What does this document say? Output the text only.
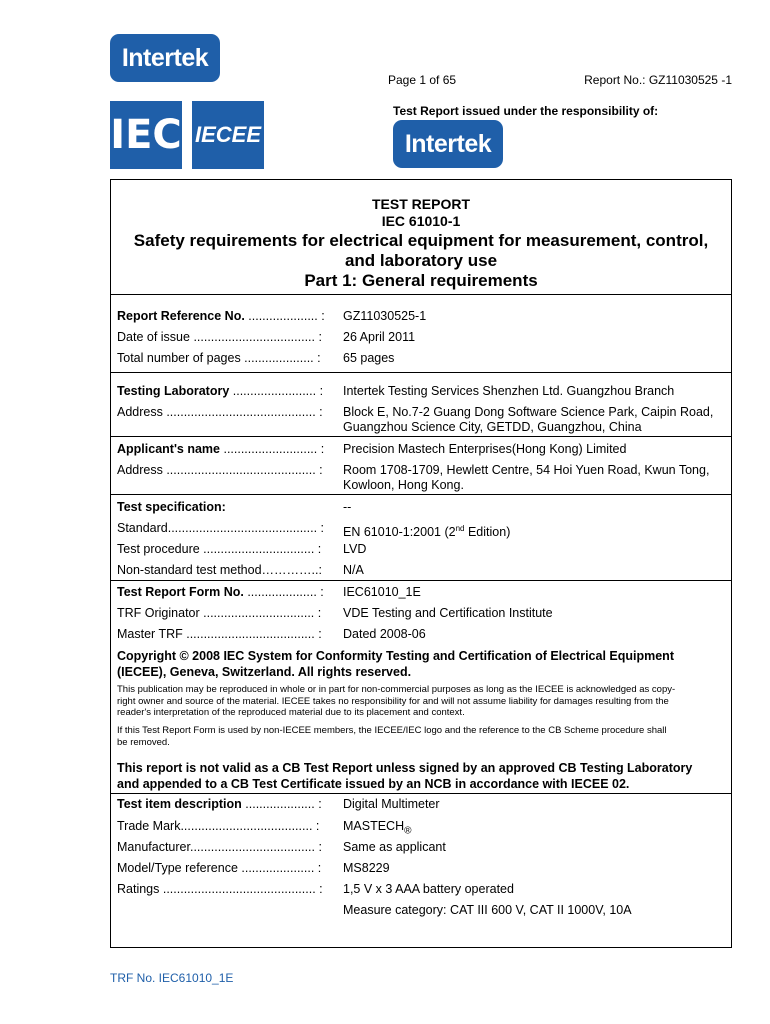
Intertek
IEC IECEE
Page 1 of 65	Report No.: GZ11030525 -1
Test Report issued under the responsibility of:
Intertek
TEST REPORT
IEC 61010-1
Safety requirements for electrical equipment for measurement, control,
and laboratory use
Part 1: General requirements
Report Reference No. .................... :	GZ11030525-1
Date of issue ................................... :	26 April 2011
Total number of pages .................... :	65 pages
Testing Laboratory ........................ :	Intertek Testing Services Shenzhen Ltd. Guangzhou Branch
Address ........................................... :	Block E, No.7-2 Guang Dong Software Science Park, Caipin Road,
Guangzhou Science City, GETDD, Guangzhou, China
Applicant's name ........................... :	Precision Mastech Enterprises(Hong Kong) Limited
Address ........................................... :	Room 1708-1709, Hewlett Centre, 54 Hoi Yuen Road, Kwun Tong,
Kowloon, Hong Kong.
Test specification:	--
Standard........................................... :	EN 61010-1:2001 (2nd Edition)
Test procedure ................................ :	LVD
Non-standard test method…………..:	N/A
Test Report Form No. .................... :	IEC61010_1E
TRF Originator ................................ :	VDE Testing and Certification Institute
Master TRF ..................................... :	Dated 2008-06
Copyright © 2008 IEC System for Conformity Testing and Certification of Electrical Equipment
(IECEE), Geneva, Switzerland. All rights reserved.
This publication may be reproduced in whole or in part for non-commercial purposes as long as the IECEE is acknowledged as copy-
right owner and source of the material. IECEE takes no responsibility for and will not assume liability for damages resulting from the
reader's interpretation of the reproduced material due to its placement and context.
If this Test Report Form is used by non-IECEE members, the IECEE/IEC logo and the reference to the CB Scheme procedure shall
be removed.
This report is not valid as a CB Test Report unless signed by an approved CB Testing Laboratory
and appended to a CB Test Certificate issued by an NCB in accordance with IECEE 02.
Test item description .................... :	Digital Multimeter
Trade Mark...................................... :	$MASTECH_®$
Manufacturer.................................... :	Same as applicant
Model/Type reference ..................... :	MS8229
Ratings ............................................ :	1,5 V x 3 AAA battery operated
Measure category: CAT III 600 V, CAT II 1000V, 10A
TRF No. IEC61010_1E
